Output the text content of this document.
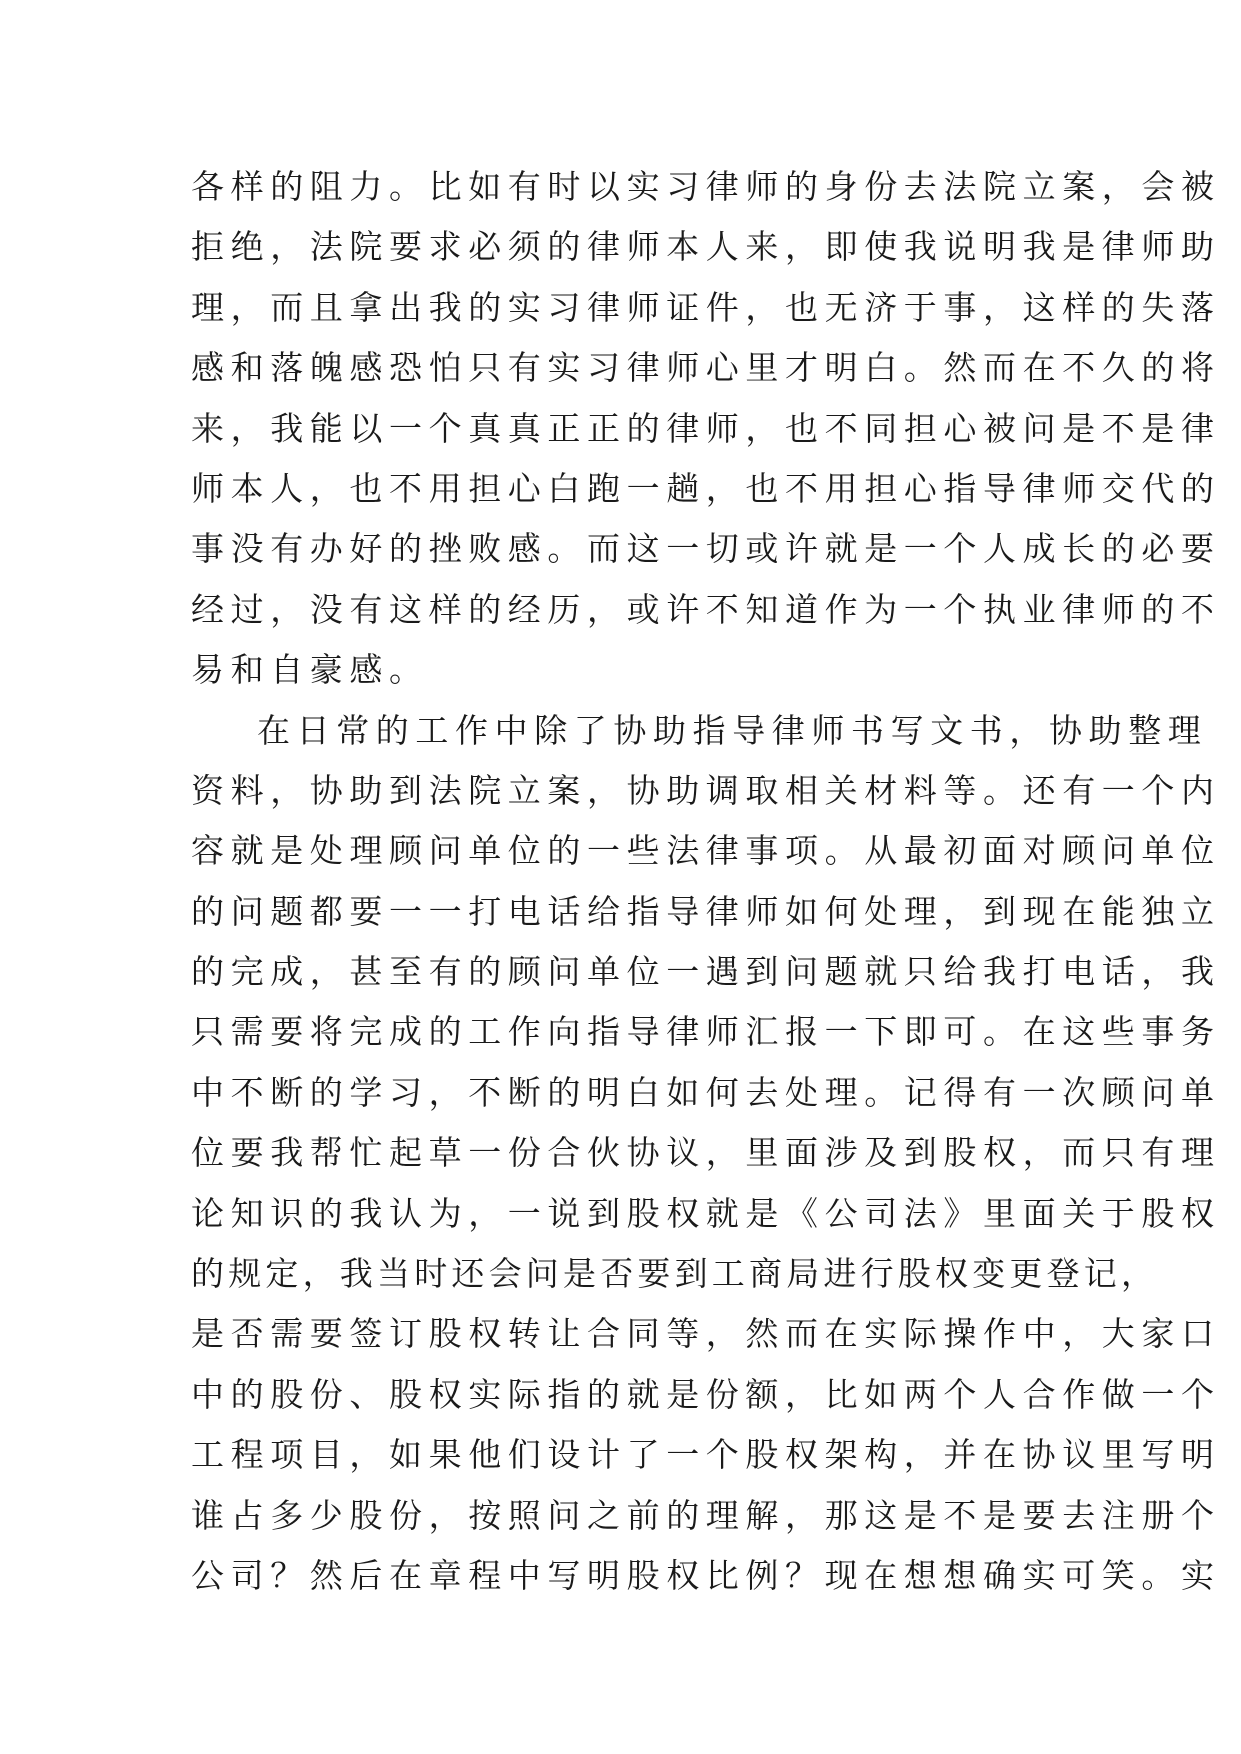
各样的阻力。比如有时以实习律师的身份去法院立案，会被
拒绝，法院要求必须的律师本人来，即使我说明我是律师助
理，而且拿出我的实习律师证件，也无济于事，这样的失落
感和落魄感恐怕只有实习律师心里才明白。然而在不久的将
来，我能以一个真真正正的律师，也不同担心被问是不是律
师本人，也不用担心白跑一趟，也不用担心指导律师交代的
事没有办好的挫败感。而这一切或许就是一个人成长的必要
经过，没有这样的经历，或许不知道作为一个执业律师的不
易和自豪感。
在日常的工作中除了协助指导律师书写文书，协助整理
资料，协助到法院立案，协助调取相关材料等。还有一个内
容就是处理顾问单位的一些法律事项。从最初面对顾问单位
的问题都要一一打电话给指导律师如何处理，到现在能独立
的完成，甚至有的顾问单位一遇到问题就只给我打电话，我
只需要将完成的工作向指导律师汇报一下即可。在这些事务
中不断的学习，不断的明白如何去处理。记得有一次顾问单
位要我帮忙起草一份合伙协议，里面涉及到股权，而只有理
论知识的我认为，一说到股权就是《公司法》里面关于股权
的规定，我当时还会问是否要到工商局进行股权变更登记，
是否需要签订股权转让合同等，然而在实际操作中，大家口
中的股份、股权实际指的就是份额，比如两个人合作做一个
工程项目，如果他们设计了一个股权架构，并在协议里写明
谁占多少股份，按照问之前的理解，那这是不是要去注册个
公司？然后在章程中写明股权比例？现在想想确实可笑。实
